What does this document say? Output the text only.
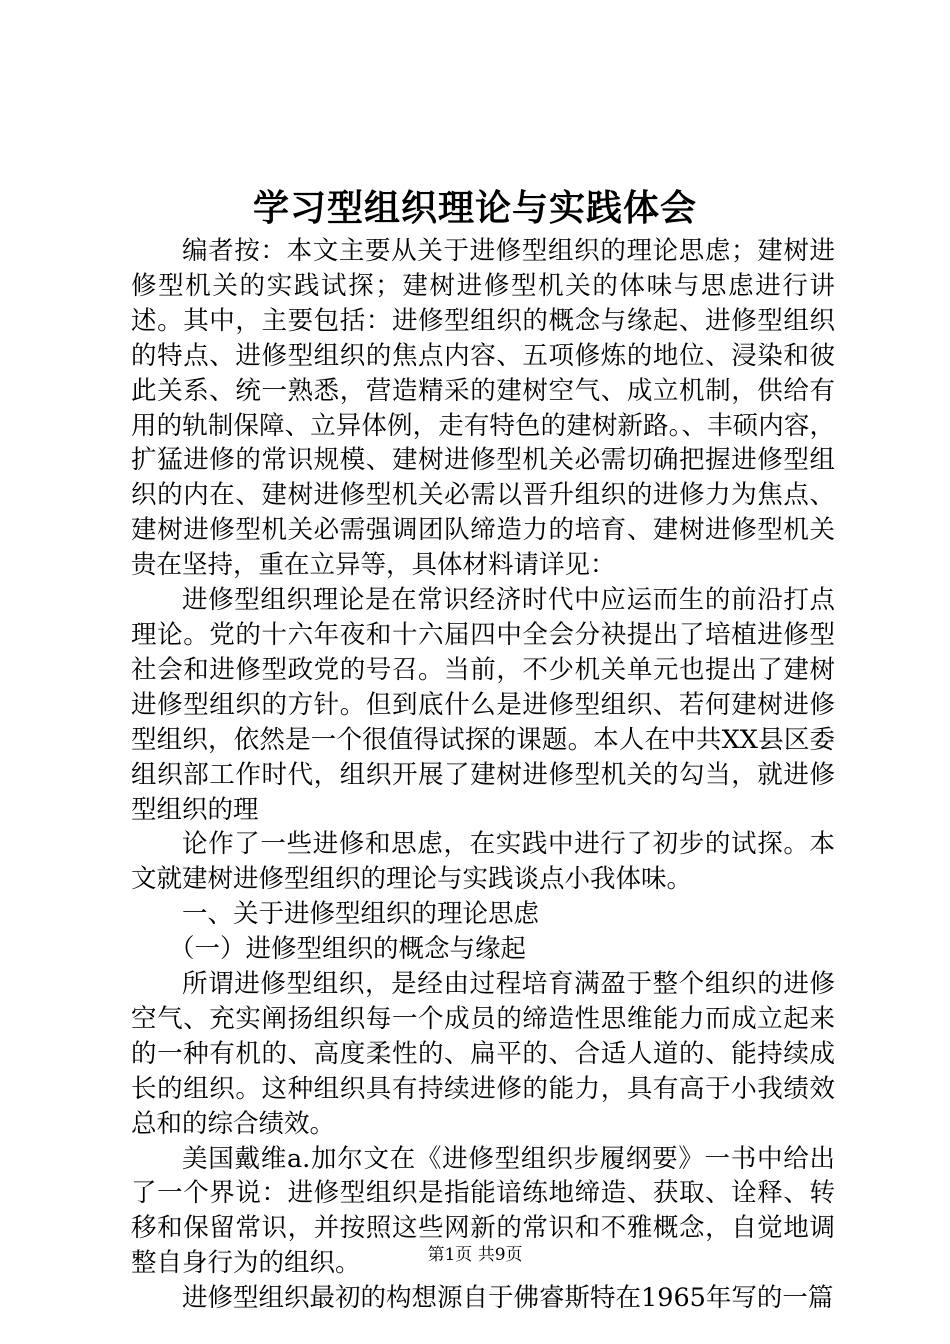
学习型组织理论与实践体会

编者按：本文主要从关于进修型组织的理论思虑；建树进修型机关的实践试探；建树进修型机关的体味与思虑进行讲述。其中，主要包括：进修型组织的概念与缘起、进修型组织的特点、进修型组织的焦点内容、五项修炼的地位、浸染和彼此关系、统一熟悉，营造精采的建树空气、成立机制，供给有用的轨制保障、立异体例，走有特色的建树新路。、丰硕内容，扩猛进修的常识规模、建树进修型机关必需切确把握进修型组织的内在、建树进修型机关必需以晋升组织的进修力为焦点、建树进修型机关必需强调团队缔造力的培育、建树进修型机关贵在坚持，重在立异等，具体材料请详见：

进修型组织理论是在常识经济时代中应运而生的前沿打点理论。党的十六年夜和十六届四中全会分袂提出了培植进修型社会和进修型政党的号召。当前，不少机关单元也提出了建树进修型组织的方针。但到底什么是进修型组织、若何建树进修型组织，依然是一个很值得试探的课题。本人在中共XX县区委组织部工作时代，组织开展了建树进修型机关的勾当，就进修型组织的理

论作了一些进修和思虑，在实践中进行了初步的试探。本文就建树进修型组织的理论与实践谈点小我体味。

一、关于进修型组织的理论思虑

（一）进修型组织的概念与缘起

所谓进修型组织，是经由过程培育满盈于整个组织的进修空气、充实阐扬组织每一个成员的缔造性思维能力而成立起来的一种有机的、高度柔性的、扁平的、合适人道的、能持续成长的组织。这种组织具有持续进修的能力，具有高于小我绩效总和的综合绩效。

美国戴维a.加尔文在《进修型组织步履纲要》一书中给出了一个界说：进修型组织是指能谙练地缔造、获取、诠释、转移和保留常识，并按照这些网新的常识和不雅概念，自觉地调整自身行为的组织。

进修型组织最初的构想源自于佛睿斯特在1965年写的一篇

第1页 共9页
